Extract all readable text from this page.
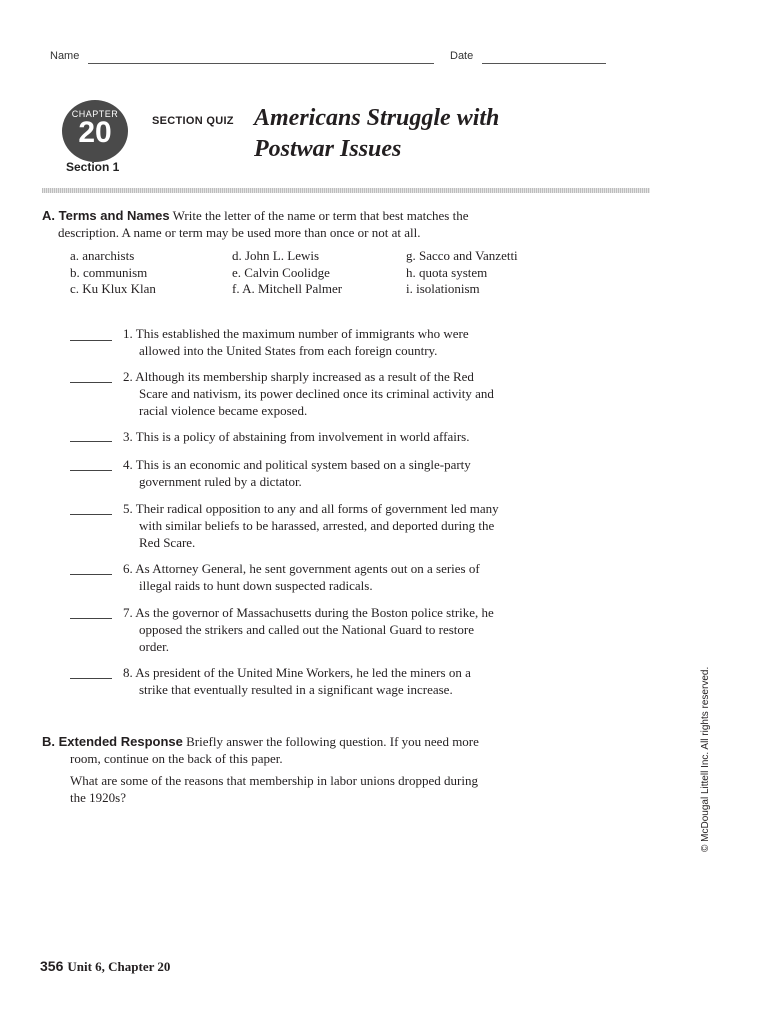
Name	Date
CHAPTER
20
Section 1
SECTION QUIZ Americans Struggle with
Postwar Issues
A. Terms and Names Write the letter of the name or term that best matches the
description. A name or term may be used more than once or not at all.
a. anarchists
b. communism
c. Ku Klux Klan
d. John L. Lewis
e. Calvin Coolidge
f. A. Mitchell Palmer
g. Sacco and Vanzetti
h. quota system
i. isolationism
1. This established the maximum number of immigrants who were
allowed into the United States from each foreign country.
2. Although its membership sharply increased as a result of the Red
Scare and nativism, its power declined once its criminal activity and
racial violence became exposed.
3. This is a policy of abstaining from involvement in world affairs.
4. This is an economic and political system based on a single-party
government ruled by a dictator.
5. Their radical opposition to any and all forms of government led many
with similar beliefs to be harassed, arrested, and deported during the
Red Scare.
6. As Attorney General, he sent government agents out on a series of
illegal raids to hunt down suspected radicals.
7. As the governor of Massachusetts during the Boston police strike, he
opposed the strikers and called out the National Guard to restore
order.
8. As president of the United Mine Workers, he led the miners on a
strike that eventually resulted in a significant wage increase.
B. Extended Response Briefly answer the following question. If you need more
room, continue on the back of this paper.
What are some of the reasons that membership in labor unions dropped during
the 1920s?	© McDougal Littell Inc. All rights reserved.
356 Unit 6, Chapter 20
